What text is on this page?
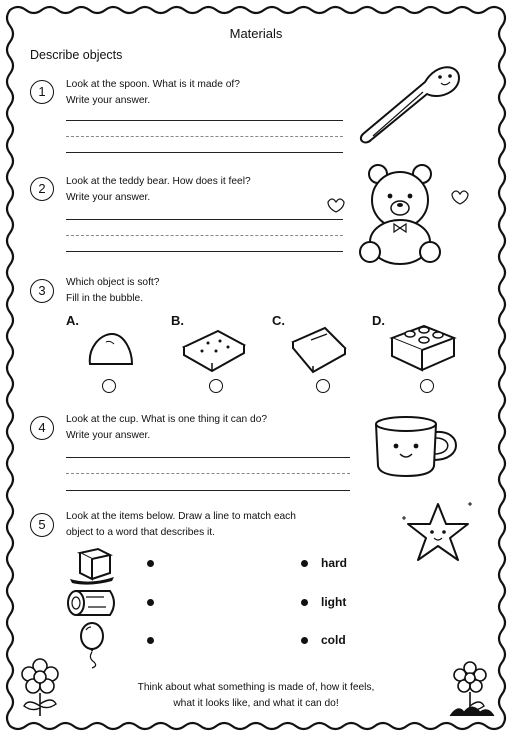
Materials
Describe objects
1	Look at the spoon. What is it made of?
Write your answer.
2	Look at the teddy bear. How does it feel?
Write your answer.
3
Which object is soft?
Fill in the bubble.
A.	B.	C.	D.
4
Look at the cup. What is one thing it can do?
Write your answer.
5
Look at the items below. Draw a line to match each
object to a word that describes it.
hard
light
cold
Think about what something is made of, how it feels,
what it looks like, and what it can do!
